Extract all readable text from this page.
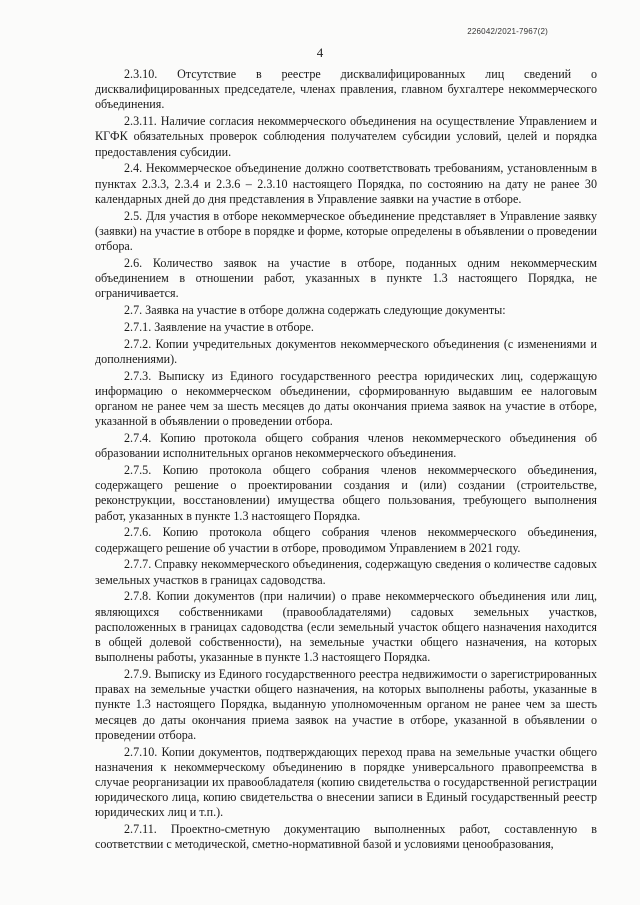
226042/2021-7967(2)
4

2.3.10. Отсутствие в реестре дисквалифицированных лиц сведений о дисквалифицированных председателе, членах правления, главном бухгалтере некоммерческого объединения.

2.3.11. Наличие согласия некоммерческого объединения на осуществление Управлением и КГФК обязательных проверок соблюдения получателем субсидии условий, целей и порядка предоставления субсидии.

2.4. Некоммерческое объединение должно соответствовать требованиям, установленным в пунктах 2.3.3, 2.3.4 и 2.3.6 – 2.3.10 настоящего Порядка, по состоянию на дату не ранее 30 календарных дней до дня представления в Управление заявки на участие в отборе.

2.5. Для участия в отборе некоммерческое объединение представляет в Управление заявку (заявки) на участие в отборе в порядке и форме, которые определены в объявлении о проведении отбора.

2.6. Количество заявок на участие в отборе, поданных одним некоммерческим объединением в отношении работ, указанных в пункте 1.3 настоящего Порядка, не ограничивается.

2.7. Заявка на участие в отборе должна содержать следующие документы:

2.7.1. Заявление на участие в отборе.

2.7.2. Копии учредительных документов некоммерческого объединения (с изменениями и дополнениями).

2.7.3. Выписку из Единого государственного реестра юридических лиц, содержащую информацию о некоммерческом объединении, сформированную выдавшим ее налоговым органом не ранее чем за шесть месяцев до даты окончания приема заявок на участие в отборе, указанной в объявлении о проведении отбора.

2.7.4. Копию протокола общего собрания членов некоммерческого объединения об образовании исполнительных органов некоммерческого объединения.

2.7.5. Копию протокола общего собрания членов некоммерческого объединения, содержащего решение о проектировании создания и (или) создании (строительстве, реконструкции, восстановлении) имущества общего пользования, требующего выполнения работ, указанных в пункте 1.3 настоящего Порядка.

2.7.6. Копию протокола общего собрания членов некоммерческого объединения, содержащего решение об участии в отборе, проводимом Управлением в 2021 году.

2.7.7. Справку некоммерческого объединения, содержащую сведения о количестве садовых земельных участков в границах садоводства.

2.7.8. Копии документов (при наличии) о праве некоммерческого объединения или лиц, являющихся собственниками (правообладателями) садовых земельных участков, расположенных в границах садоводства (если земельный участок общего назначения находится в общей долевой собственности), на земельные участки общего назначения, на которых выполнены работы, указанные в пункте 1.3 настоящего Порядка.

2.7.9. Выписку из Единого государственного реестра недвижимости о зарегистрированных правах на земельные участки общего назначения, на которых выполнены работы, указанные в пункте 1.3 настоящего Порядка, выданную уполномоченным органом не ранее чем за шесть месяцев до даты окончания приема заявок на участие в отборе, указанной в объявлении о проведении отбора.

2.7.10. Копии документов, подтверждающих переход права на земельные участки общего назначения к некоммерческому объединению в порядке универсального правопреемства в случае реорганизации их правообладателя (копию свидетельства о государственной регистрации юридического лица, копию свидетельства о внесении записи в Единый государственный реестр юридических лиц и т.п.).

2.7.11. Проектно-сметную документацию выполненных работ, составленную в соответствии с методической, сметно-нормативной базой и условиями ценообразования,
